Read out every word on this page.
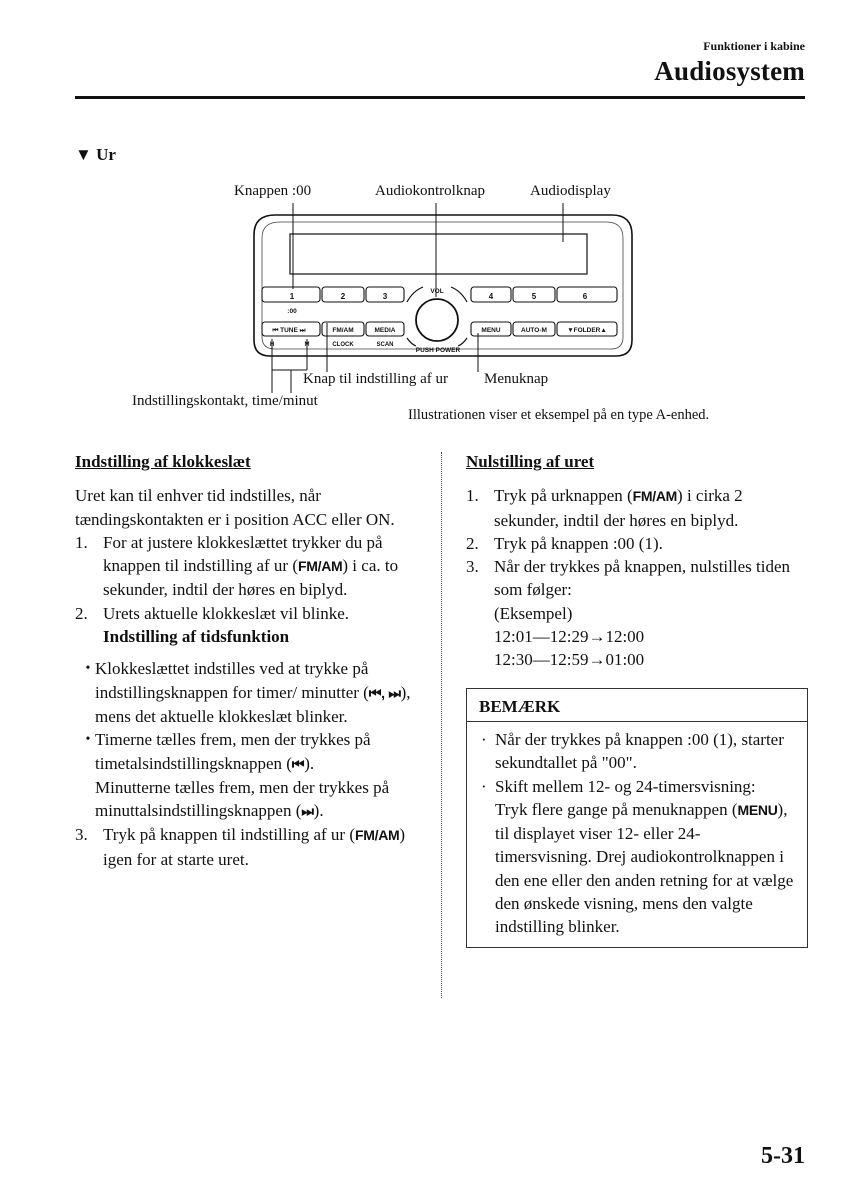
Funktioner i kabine
Audiosystem
▼ Ur
1	2	3	4	5	6
:00
VOL
PUSH POWER
⏮ TUNE ⏭	FM/AM	MEDIA	MENU	AUTO-M	▼FOLDER▲
H	M	CLOCK	SCAN
Knappen :00	Audiokontrolknap	Audiodisplay
Knap til indstilling af ur Menuknap
Indstillingskontakt, time/minut
Illustrationen viser et eksempel på en type A-enhed.
Indstilling af klokkeslæt

Uret kan til enhver tid indstilles, når tændingskontakten er i position ACC eller ON.

1. For at justere klokkeslættet trykker du på knappen til indstilling af ur (FM/AM) i ca. to sekunder, indtil der høres en biplyd.
2. Urets aktuelle klokkeslæt vil blinke.
Indstilling af tidsfunktion
• Klokkeslættet indstilles ved at trykke på indstillingsknappen for timer/ minutter (⏮, ⏭), mens det aktuelle klokkeslæt blinker.
• Timerne tælles frem, men der trykkes på timetalsindstillingsknappen (⏮).
Minutterne tælles frem, men der trykkes på minuttalsindstillingsknappen (⏭).
3. Tryk på knappen til indstilling af ur (FM/AM) igen for at starte uret.
Nulstilling af uret
1. Tryk på urknappen (FM/AM) i cirka 2 sekunder, indtil der høres en biplyd.
2. Tryk på knappen :00 (1).
3. Når der trykkes på knappen, nulstilles tiden som følger:
(Eksempel)
12:01—12:29→12:00
12:30—12:59→01:00
BEMÆRK
· Når der trykkes på knappen :00 (1), starter sekundtallet på "00".
· Skift mellem 12- og 24-timersvisning:
Tryk flere gange på menuknappen (MENU), til displayet viser 12- eller 24-timersvisning. Drej audiokontrolknappen i den ene eller den anden retning for at vælge den ønskede visning, mens den valgte indstilling blinker.
5-31
